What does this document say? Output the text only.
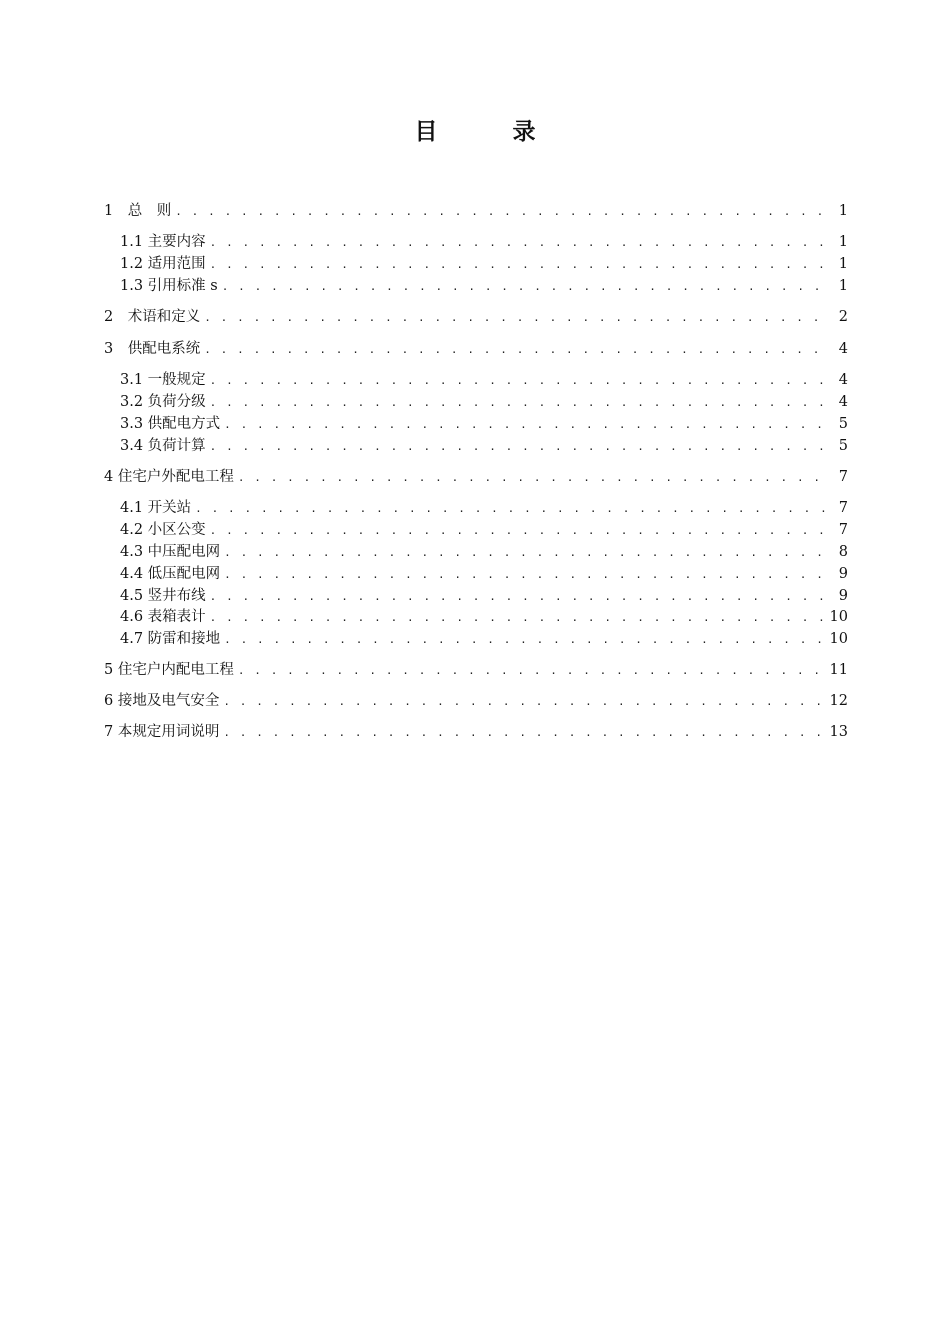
目　录
1　总　则 . . .	1
1.1 主要内容 . . .	1
1.2 适用范围 . . .	1
1.3 引用标准 s . . .	1
2　术语和定义 . . .	2
3　供配电系统 . . .	4
3.1 一般规定 . . .	4
3.2 负荷分级 . . .	4
3.3 供配电方式 . . .	5
3.4 负荷计算 . . .	5
4 住宅户外配电工程 . . .	7
4.1 开关站 . . .	7
4.2 小区公变 . . .	7
4.3 中压配电网 . . .	8
4.4 低压配电网 . . .	9
4.5 竖井布线 . . .	9
4.6 表箱表计 . . .	10
4.7 防雷和接地 . . .	10
5 住宅户内配电工程 . . .	11
6 接地及电气安全 . . .	12
7 本规定用词说明 . . .	13
